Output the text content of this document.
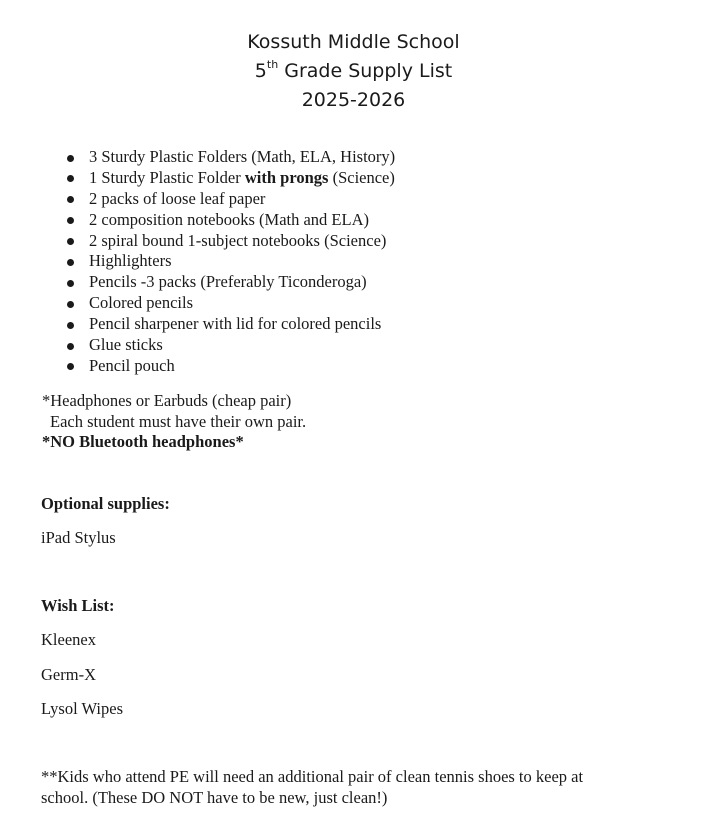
Kossuth Middle School
5th Grade Supply List
2025-2026
3 Sturdy Plastic Folders (Math, ELA, History)
1 Sturdy Plastic Folder with prongs (Science)
2 packs of loose leaf paper
2 composition notebooks (Math and ELA)
2 spiral bound 1-subject notebooks (Science)
Highlighters
Pencils -3 packs (Preferably Ticonderoga)
Colored pencils
Pencil sharpener with lid for colored pencils
Glue sticks
Pencil pouch
*Headphones or Earbuds (cheap pair)
Each student must have their own pair.
*NO Bluetooth headphones*
Optional supplies:
iPad Stylus
Wish List:
Kleenex
Germ-X
Lysol Wipes
**Kids who attend PE will need an additional pair of clean tennis shoes to keep at
school. (These DO NOT have to be new, just clean!)
